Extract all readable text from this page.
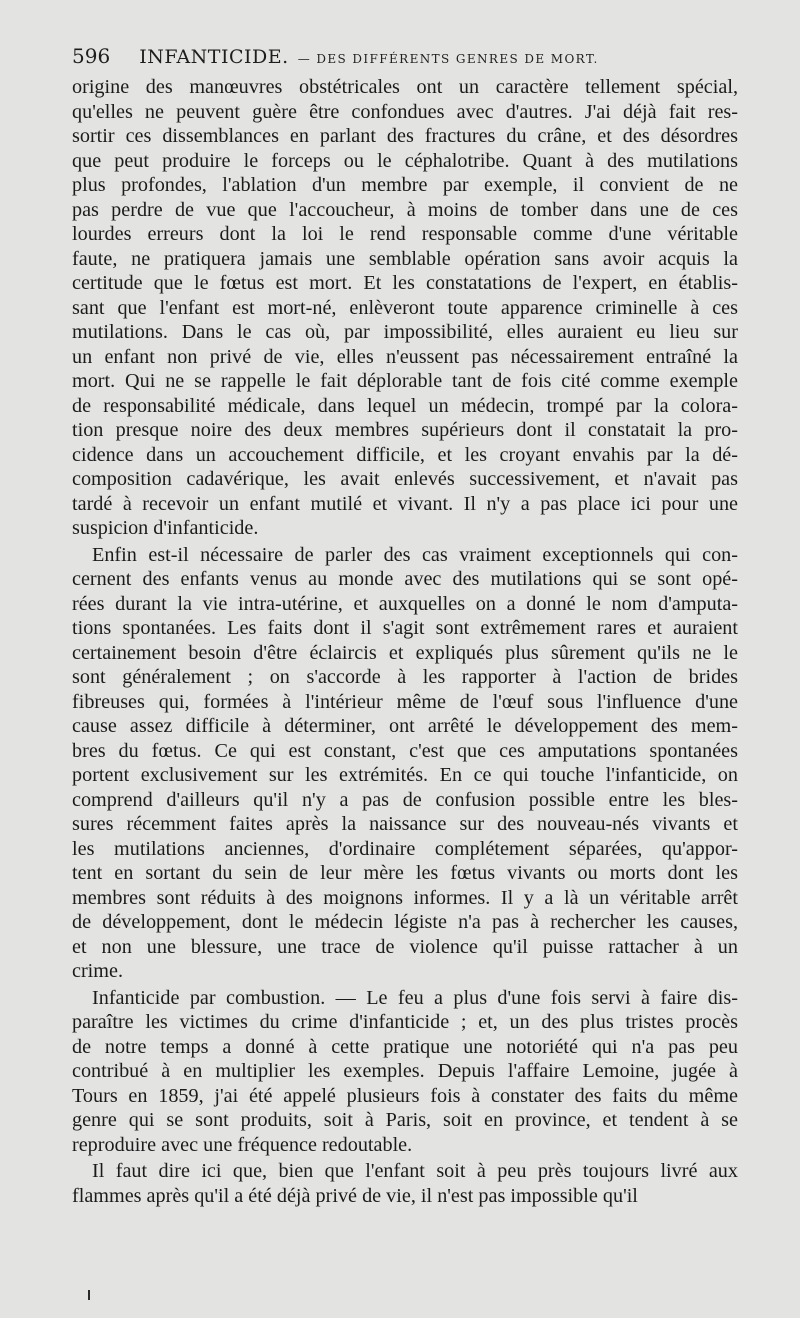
596 INFANTICIDE. — DES DIFFÉRENTS GENRES DE MORT.
origine des manœuvres obstétricales ont un caractère tellement spécial,
qu'elles ne peuvent guère être confondues avec d'autres. J'ai déjà fait res-
sortir ces dissemblances en parlant des fractures du crâne, et des désordres
que peut produire le forceps ou le céphalotribe. Quant à des mutilations
plus profondes, l'ablation d'un membre par exemple, il convient de ne
pas perdre de vue que l'accoucheur, à moins de tomber dans une de ces
lourdes erreurs dont la loi le rend responsable comme d'une véritable
faute, ne pratiquera jamais une semblable opération sans avoir acquis la
certitude que le fœtus est mort. Et les constatations de l'expert, en établis-
sant que l'enfant est mort-né, enlèveront toute apparence criminelle à ces
mutilations. Dans le cas où, par impossibilité, elles auraient eu lieu sur
un enfant non privé de vie, elles n'eussent pas nécessairement entraîné la
mort. Qui ne se rappelle le fait déplorable tant de fois cité comme exemple
de responsabilité médicale, dans lequel un médecin, trompé par la colora-
tion presque noire des deux membres supérieurs dont il constatait la pro-
cidence dans un accouchement difficile, et les croyant envahis par la dé-
composition cadavérique, les avait enlevés successivement, et n'avait pas
tardé à recevoir un enfant mutilé et vivant. Il n'y a pas place ici pour une
suspicion d'infanticide.
Enfin est-il nécessaire de parler des cas vraiment exceptionnels qui con-
cernent des enfants venus au monde avec des mutilations qui se sont opé-
rées durant la vie intra-utérine, et auxquelles on a donné le nom d'amputa-
tions spontanées. Les faits dont il s'agit sont extrêmement rares et auraient
certainement besoin d'être éclaircis et expliqués plus sûrement qu'ils ne le
sont généralement ; on s'accorde à les rapporter à l'action de brides
fibreuses qui, formées à l'intérieur même de l'œuf sous l'influence d'une
cause assez difficile à déterminer, ont arrêté le développement des mem-
bres du fœtus. Ce qui est constant, c'est que ces amputations spontanées
portent exclusivement sur les extrémités. En ce qui touche l'infanticide, on
comprend d'ailleurs qu'il n'y a pas de confusion possible entre les bles-
sures récemment faites après la naissance sur des nouveau-nés vivants et
les mutilations anciennes, d'ordinaire complétement séparées, qu'appor-
tent en sortant du sein de leur mère les fœtus vivants ou morts dont les
membres sont réduits à des moignons informes. Il y a là un véritable arrêt
de développement, dont le médecin légiste n'a pas à rechercher les causes,
et non une blessure, une trace de violence qu'il puisse rattacher à un
crime.
Infanticide par combustion. — Le feu a plus d'une fois servi à faire dis-
paraître les victimes du crime d'infanticide ; et, un des plus tristes procès
de notre temps a donné à cette pratique une notoriété qui n'a pas peu
contribué à en multiplier les exemples. Depuis l'affaire Lemoine, jugée à
Tours en 1859, j'ai été appelé plusieurs fois à constater des faits du même
genre qui se sont produits, soit à Paris, soit en province, et tendent à se
reproduire avec une fréquence redoutable.
Il faut dire ici que, bien que l'enfant soit à peu près toujours livré aux
flammes après qu'il a été déjà privé de vie, il n'est pas impossible qu'il
